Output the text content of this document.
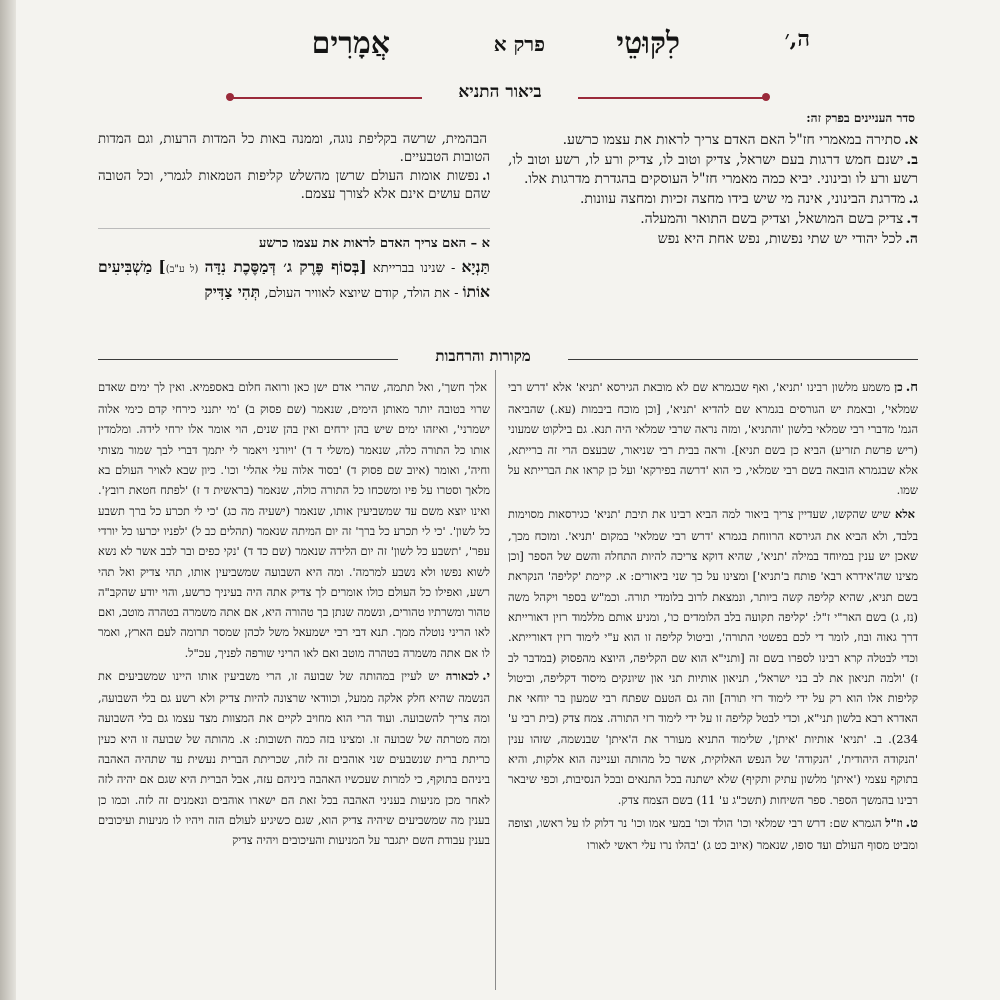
ה,׳
לִקּוּטֵי
פרק א
אֲמָרִים
ביאור התניא
סדר העניינים בפרק זה:

א.סתירה במאמרי חז"ל האם האדם צריך לראות את עצמו כרשע.

ב.ישנם חמש דרגות בעם ישראל, צדיק וטוב לו, צדיק ורע לו, רשע וטוב לו, רשע ורע לו ובינוני. יביא כמה מאמרי חז"ל העוסקים בהגדרת מדרגות אלו.

ג.מדרגת הבינוני, אינה מי שיש בידו מחצה זכיות ומחצה עוונות.

ד.צדיק בשם המושאל, וצדיק בשם התואר והמעלה.

ה.לכל יהודי יש שתי נפשות, נפש אחת היא נפש

הבהמית, שרשה בקליפת נוגה, וממנה באות כל המדות הרעות, וגם המדות הטובות הטבעיים.

ו.נפשות אומות העולם שרשן מהשלש קליפות הטמאות לגמרי, וכל הטובה שהם עושים אינם אלא לצורך עצמם.

א – האם צריך האדם לראות את עצמו כרשע
תַּנְיָא - שנינו בברייתא [בְּסוֹף פֶּרֶק ג׳ דְּמַסֶּכֶת נִדָּה (ל ע"ב)] מַשְׁבִּיעִים אוֹתוֹ - את הולד, קודם שיוצא לאוויר העולם, תְּהִי צַדִּיק
מקורות והרחבות

ח.כן משמע מלשון רבינו 'תניא', ואף שבגמרא שם לא מובאת הגירסא 'תניא' אלא 'דרש רבי שמלאי', ובאמת יש הגורסים בגמרא שם להדיא 'תניא', [וכן מוכח ביבמות (עא.) שהביאה הגמ' מדברי רבי שמלאי בלשון 'והתניא', ומזה נראה שרבי שמלאי היה תנא. גם בילקוט שמעוני (ריש פרשת תזריע) הביא כן בשם תניא]. וראה בבית רבי שניאור, שבעצם הרי זה ברייתא, אלא שבגמרא הובאה בשם רבי שמלאי, כי הוא 'דרשה בפירקא' ועל כן קראו את הברייתא על שמו.

אלא שיש שהקשו, שעדיין צריך ביאור למה הביא רבינו את תיבת 'תניא' כגירסאות מסוימות בלבד, ולא הביא את הגירסא הרווחת בגמרא 'דרש רבי שמלאי' במקום 'תניא'. ומוכח מכך, שאכן יש ענין במיוחד במילה 'תניא', שהיא דוקא צריכה להיות התחלה והשם של הספר [וכן מצינו שה'אידרא רבא' פותח ב'תניא'] ומצינו על כך שני ביאורים: א. קיימת 'קליפה' הנקראת בשם תניא, שהיא קליפה קשה ביותר, ונמצאת לרוב בלומדי תורה. וכמ"ש בספר ויקהל משה (נז, ג) בשם האר"י ז"ל: 'קליפה תקועה בלב הלומדים כו', ומניע אותם מללמוד רזין דאורייתא דרך גאוה ובוז, לומר די לכם בפשטי התורה', וביטול קליפה זו הוא ע"י לימוד רזין דאורייתא. וכדי לבטלה קרא רבינו לספרו בשם זה [ותני"א הוא שם הקליפה, היוצא מהפסוק (במדבר לב ז) 'ולמה תניאון את לב בני ישראל', תניאון אותיות תני און שיונקים מיסוד דקליפה, וביטול קליפות אלו הוא רק על ידי לימוד רזי תורה] וזה גם הטעם שפתח רבי שמעון בר יוחאי את האדרא רבא בלשון תני"א, וכדי לבטל קליפה זו על ידי לימוד רזי התורה. צמח צדק (בית רבי ע' 234). ב. 'תניא' אותיות 'איתן', שלימוד התניא מעורר את ה'איתן' שבנשמה, שזהו ענין 'הנקודה היהודית', 'הנקודה' של הנפש האלוקית, אשר כל מהותה ועניינה הוא אלקות, והיא בתוקף עצמי ('איתן' מלשון עתיק ותקיף) שלא ישתנה בכל התנאים ובכל הנסיבות, וכפי שיבאר רבינו בהמשך הספר. ספר השיחות (תשכ"ג ע' 11) בשם הצמח צדק.

ט.וז"ל הגמרא שם: דרש רבי שמלאי וכו' הולד וכו' במעי אמו וכו' נר דלוק לו על ראשו, וצופה ומביט מסוף העולם ועד סופו, שנאמר (איוב כט ג) 'בהלו נרו עלי ראשי לאורו

אלך חשך', ואל תתמה, שהרי אדם ישן כאן ורואה חלום באספמיא. ואין לך ימים שאדם שרוי בטובה יותר מאותן הימים, שנאמר (שם פסוק ב) 'מי יתנני כירחי קדם כימי אלוה ישמרני', ואיזהו ימים שיש בהן ירחים ואין בהן שנים, הוי אומר אלו ירחי לידה. ומלמדין אותו כל התורה כלה, שנאמר (משלי ד ד) 'ויורני ויאמר לי יתמך דברי לבך שמור מצותי וחיה', ואומר (איוב שם פסוק ד) 'בסוד אלוה עלי אהלי' וכו'. כיון שבא לאויר העולם בא מלאך וסטרו על פיו ומשכחו כל התורה כולה, שנאמר (בראשית ד ז) 'לפתח חטאת רובץ'. ואינו יוצא משם עד שמשביעין אותו, שנאמר (ישעיה מה כג) 'כי לי תכרע כל ברך תשבע כל לשון'. 'כי לי תכרע כל ברך' זה יום המיתה שנאמר (תהלים כב ל) 'לפניו יכרעו כל יורדי עפר', 'תשבע כל לשון' זה יום הלידה שנאמר (שם כד ד) 'נקי כפים ובר לבב אשר לא נשא לשוא נפשו ולא נשבע למרמה'. ומה היא השבועה שמשביעין אותו, תהי צדיק ואל תהי רשע, ואפילו כל העולם כולו אומרים לך צדיק אתה היה בעיניך כרשע, והוי יודע שהקב"ה טהור ומשרתיו טהורים, ונשמה שנתן בך טהורה היא, אם אתה משמרה בטהרה מוטב, ואם לאו הריני נוטלה ממך. תנא דבי רבי ישמעאל משל לכהן שמסר תרומה לעם הארץ, ואמר לו אם אתה משמרה בטהרה מוטב ואם לאו הריני שורפה לפניך, עכ"ל.

י.לכאורה יש לעיין במהותה של שבועה זו, הרי משביעין אותו היינו שמשביעים את הנשמה שהיא חלק אלקה ממעל, וכוודאי שרצונה להיות צדיק ולא רשע גם בלי השבועה, ומה צריך להשבועה. ועוד הרי הוא מחויב לקיים את המצוות מצד עצמו גם בלי השבועה ומה מטרתה של שבועה זו. ומצינו בזה כמה תשובות: א. מהותה של שבועה זו היא כעין כריתת ברית שנשבעים שני אוהבים זה לזה, שכריתת הברית נעשית עד שתהיה האהבה ביניהם בתוקף, כי למרות שעכשיו האהבה ביניהם עזה, אבל הברית היא שגם אם יהיה לזה לאחר מכן מניעות בעניני האהבה בכל זאת הם ישארו אוהבים ונאמנים זה לזה. וכמו כן בענין מה שמשביעים שיהיה צדיק הוא, שגם כשיגיע לעולם הזה ויהיו לו מניעות ועיכובים בענין עבודת השם יתגבר על המניעות והעיכובים ויהיה צדיק
